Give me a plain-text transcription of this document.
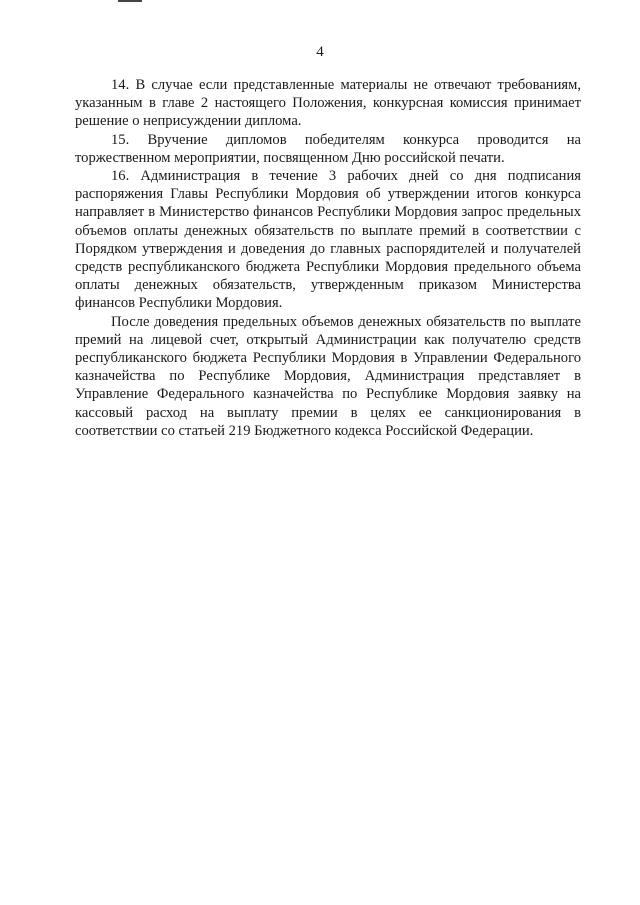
4

14. В случае если представленные материалы не отвечают требованиям, указанным в главе 2 настоящего Положения, конкурсная комиссия принимает решение о неприсуждении диплома.

15. Вручение дипломов победителям конкурса проводится на торжественном мероприятии, посвященном Дню российской печати.

16. Администрация в течение 3 рабочих дней со дня подписания распоряжения Главы Республики Мордовия об утверждении итогов конкурса направляет в Министерство финансов Республики Мордовия запрос предельных объемов оплаты денежных обязательств по выплате премий в соответствии с Порядком утверждения и доведения до главных распорядителей и получателей средств республиканского бюджета Республики Мордовия предельного объема оплаты денежных обязательств, утвержденным приказом Министерства финансов Республики Мордовия.

После доведения предельных объемов денежных обязательств по выплате премий на лицевой счет, открытый Администрации как получателю средств республиканского бюджета Республики Мордовия в Управлении Федерального казначейства по Республике Мордовия, Администрация представляет в Управление Федерального казначейства по Республике Мордовия заявку на кассовый расход на выплату премии в целях ее санкционирования в соответствии со статьей 219 Бюджетного кодекса Российской Федерации.
